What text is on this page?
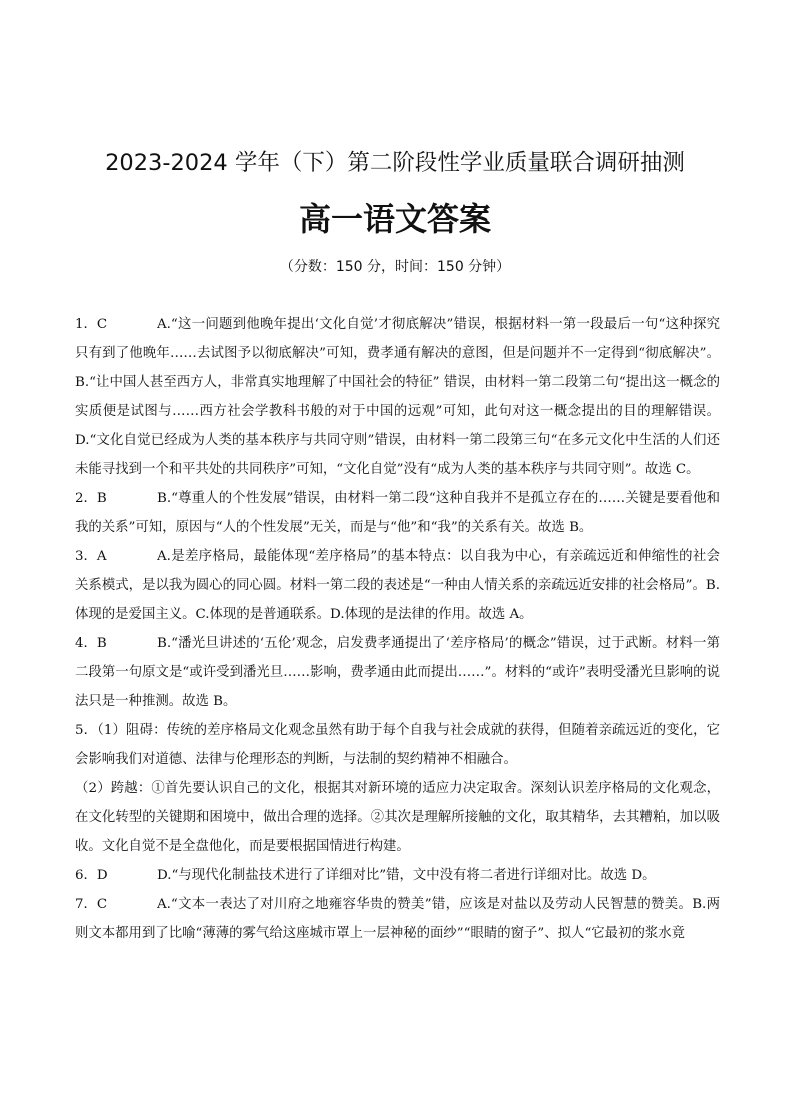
2023-2024 学年（下）第二阶段性学业质量联合调研抽测
高一语文答案
（分数：150 分，时间：150 分钟）

1．C	A.“这一问题到他晚年提出‘文化自觉’才彻底解决”错误，根据材料一第一段最后一句“这种探究只有到了他晚年……去试图予以彻底解决”可知，费孝通有解决的意图，但是问题并不一定得到“彻底解决”。B.“让中国人甚至西方人，非常真实地理解了中国社会的特征” 错误，由材料一第二段第二句“提出这一概念的实质便是试图与……西方社会学教科书般的对于中国的远观”可知，此句对这一概念提出的目的理解错误。D.“文化自觉已经成为人类的基本秩序与共同守则”错误，由材料一第二段第三句“在多元文化中生活的人们还未能寻找到一个和平共处的共同秩序”可知，“文化自觉”没有“成为人类的基本秩序与共同守则”。故选 C。

2．B	B.“尊重人的个性发展”错误，由材料一第二段“这种自我并不是孤立存在的……关键是要看他和我的关系”可知，原因与“人的个性发展”无关，而是与“他”和“我”的关系有关。故选 B。

3．A	A.是差序格局，最能体现“差序格局”的基本特点：以自我为中心，有亲疏远近和伸缩性的社会关系模式，是以我为圆心的同心圆。材料一第二段的表述是“一种由人情关系的亲疏远近安排的社会格局”。B.体现的是爱国主义。C.体现的是普通联系。D.体现的是法律的作用。故选 A。

4．B	B.“潘光旦讲述的‘五伦’观念，启发费孝通提出了‘差序格局’的概念”错误，过于武断。材料一第二段第一句原文是“或许受到潘光旦……影响，费孝通由此而提出……”。材料的“或许”表明受潘光旦影响的说法只是一种推测。故选 B。

5．（1）阻碍：传统的差序格局文化观念虽然有助于每个自我与社会成就的获得，但随着亲疏远近的变化，它会影响我们对道德、法律与伦理形态的判断，与法制的契约精神不相融合。

（2）跨越：①首先要认识自己的文化，根据其对新环境的适应力决定取舍。深刻认识差序格局的文化观念，在文化转型的关键期和困境中，做出合理的选择。②其次是理解所接触的文化，取其精华，去其糟粕，加以吸收。文化自觉不是全盘他化，而是要根据国情进行构建。

6．D	D.“与现代化制盐技术进行了详细对比”错，文中没有将二者进行详细对比。故选 D。

7．C	A.“文本一表达了对川府之地雍容华贵的赞美”错，应该是对盐以及劳动人民智慧的赞美。B.两则文本都用到了比喻“薄薄的雾气给这座城市罩上一层神秘的面纱”“眼睛的窗子”、拟人“它最初的浆水竟
